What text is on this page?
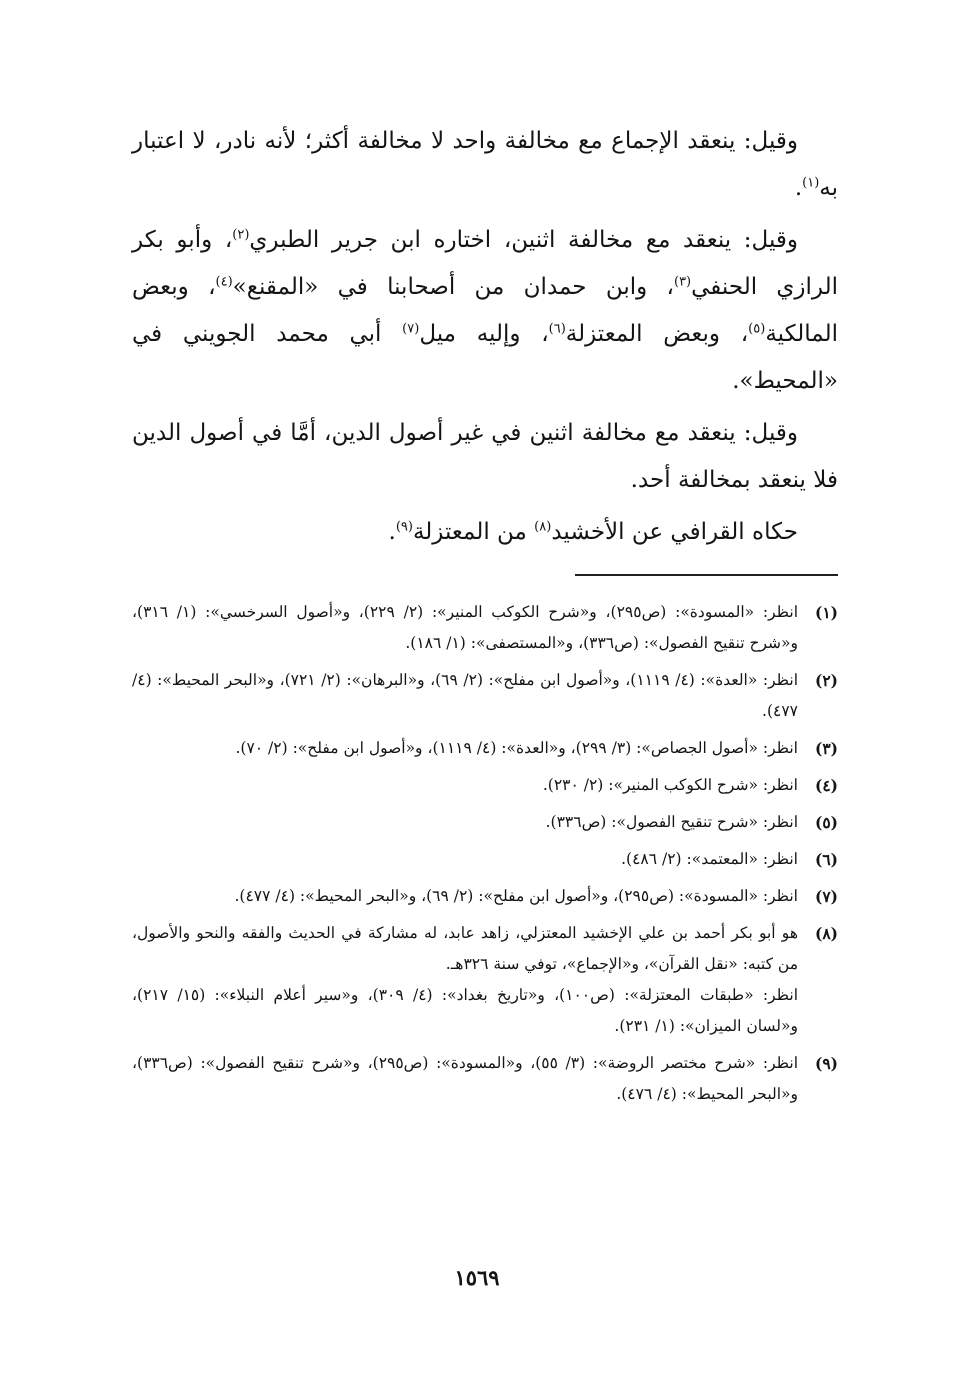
وقيل: ينعقد الإجماع مع مخالفة واحد لا مخالفة أكثر؛ لأنه نادر، لا اعتبار به$^{(١)}$.

وقيل: ينعقد مع مخالفة اثنين، اختاره ابن جرير الطبري$^{(٢)}$، وأبو بكر الرازي الحنفي$^{(٣)}$، وابن حمدان من أصحابنا في «المقنع»$^{(٤)}$، وبعض المالكية$^{(٥)}$، وبعض المعتزلة$^{(٦)}$، وإليه ميل$^{(٧)}$ أبي محمد الجويني في «المحيط».

وقيل: ينعقد مع مخالفة اثنين في غير أصول الدين، أمَّا في أصول الدين فلا ينعقد بمخالفة أحد.

حكاه القرافي عن الأخشيد$^{(٨)}$ من المعتزلة$^{(٩)}$.

(١)

انظر: «المسودة»: (ص٢٩٥)، و«شرح الكوكب المنير»: (٢/ ٢٢٩)، و«أصول السرخسي»: (١/ ٣١٦)، و«شرح تنقيح الفصول»: (ص٣٣٦)، و«المستصفى»: (١/ ١٨٦).

(٢)

انظر: «العدة»: (٤/ ١١١٩)، و«أصول ابن مفلح»: (٢/ ٦٩)، و«البرهان»: (٢/ ٧٢١)، و«البحر المحيط»: (٤/ ٤٧٧).

(٣)

انظر: «أصول الجصاص»: (٣/ ٢٩٩)، و«العدة»: (٤/ ١١١٩)، و«أصول ابن مفلح»: (٢/ ٧٠).

(٤)

انظر: «شرح الكوكب المنير»: (٢/ ٢٣٠).

(٥)

انظر: «شرح تنقيح الفصول»: (ص٣٣٦).

(٦)

انظر: «المعتمد»: (٢/ ٤٨٦).

(٧)

انظر: «المسودة»: (ص٢٩٥)، و«أصول ابن مفلح»: (٢/ ٦٩)، و«البحر المحيط»: (٤/ ٤٧٧).

(٨)

هو أبو بكر أحمد بن علي الإخشيد المعتزلي، زاهد عابد، له مشاركة في الحديث والفقه والنحو والأصول، من كتبه: «نقل القرآن»، و«الإجماع»، توفي سنة ٣٢٦هـ.

انظر: «طبقات المعتزلة»: (ص١٠٠)، و«تاريخ بغداد»: (٤/ ٣٠٩)، و«سير أعلام النبلاء»: (١٥/ ٢١٧)، و«لسان الميزان»: (١/ ٢٣١).

(٩)

انظر: «شرح مختصر الروضة»: (٣/ ٥٥)، و«المسودة»: (ص٢٩٥)، و«شرح تنقيح الفصول»: (ص٣٣٦)، و«البحر المحيط»: (٤/ ٤٧٦).

١٥٦٩
